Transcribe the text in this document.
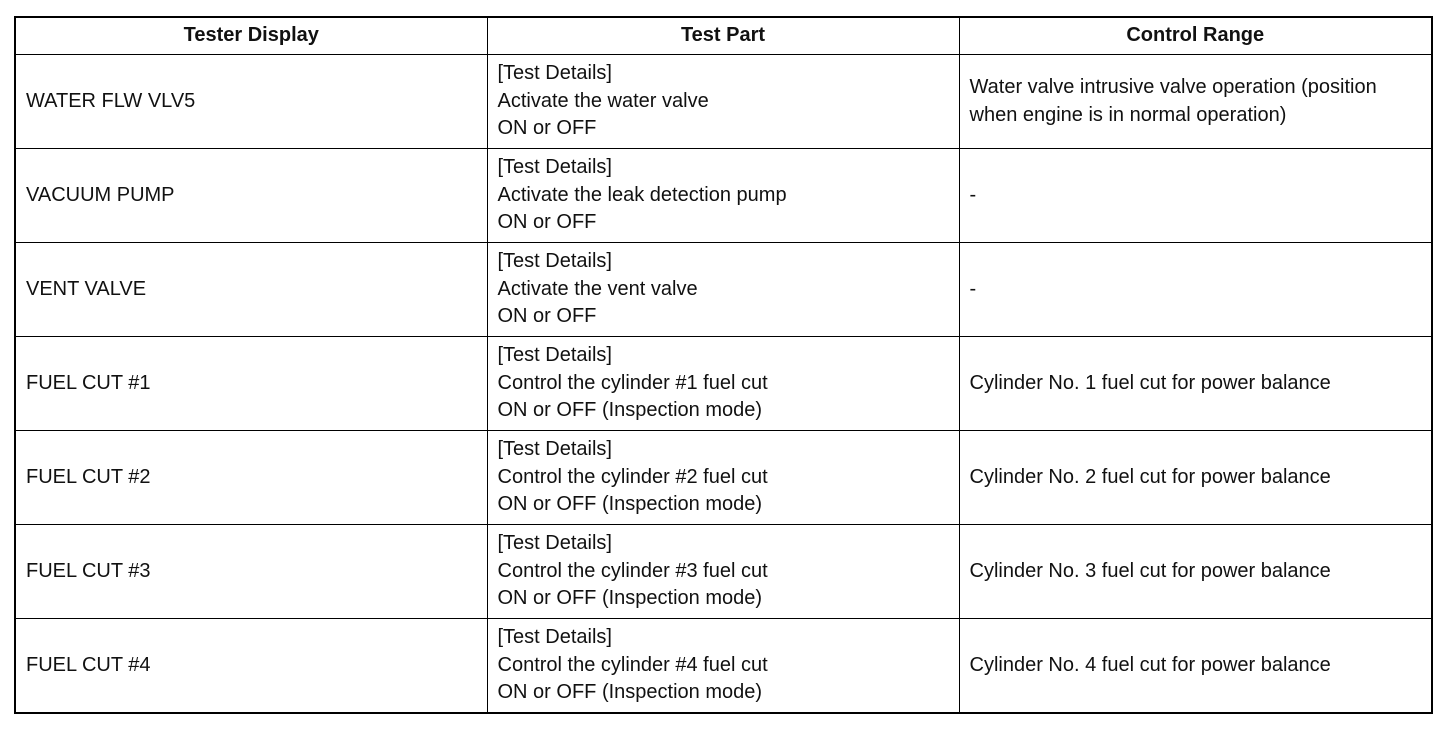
Tester Display	Test Part	Control Range
WATER FLW VLV5	[Test Details]
Activate the water valve
ON or OFF	Water valve intrusive valve operation (position when engine is in normal operation)

VACUUM PUMP	[Test Details]
Activate the leak detection pump
ON or OFF	-

VENT VALVE	[Test Details]
Activate the vent valve
ON or OFF	-

FUEL CUT #1	[Test Details]
Control the cylinder #1 fuel cut
ON or OFF (Inspection mode)	Cylinder No. 1 fuel cut for power balance

FUEL CUT #2	[Test Details]
Control the cylinder #2 fuel cut
ON or OFF (Inspection mode)	Cylinder No. 2 fuel cut for power balance

FUEL CUT #3	[Test Details]
Control the cylinder #3 fuel cut
ON or OFF (Inspection mode)	Cylinder No. 3 fuel cut for power balance

FUEL CUT #4	[Test Details]
Control the cylinder #4 fuel cut
ON or OFF (Inspection mode)	Cylinder No. 4 fuel cut for power balance
